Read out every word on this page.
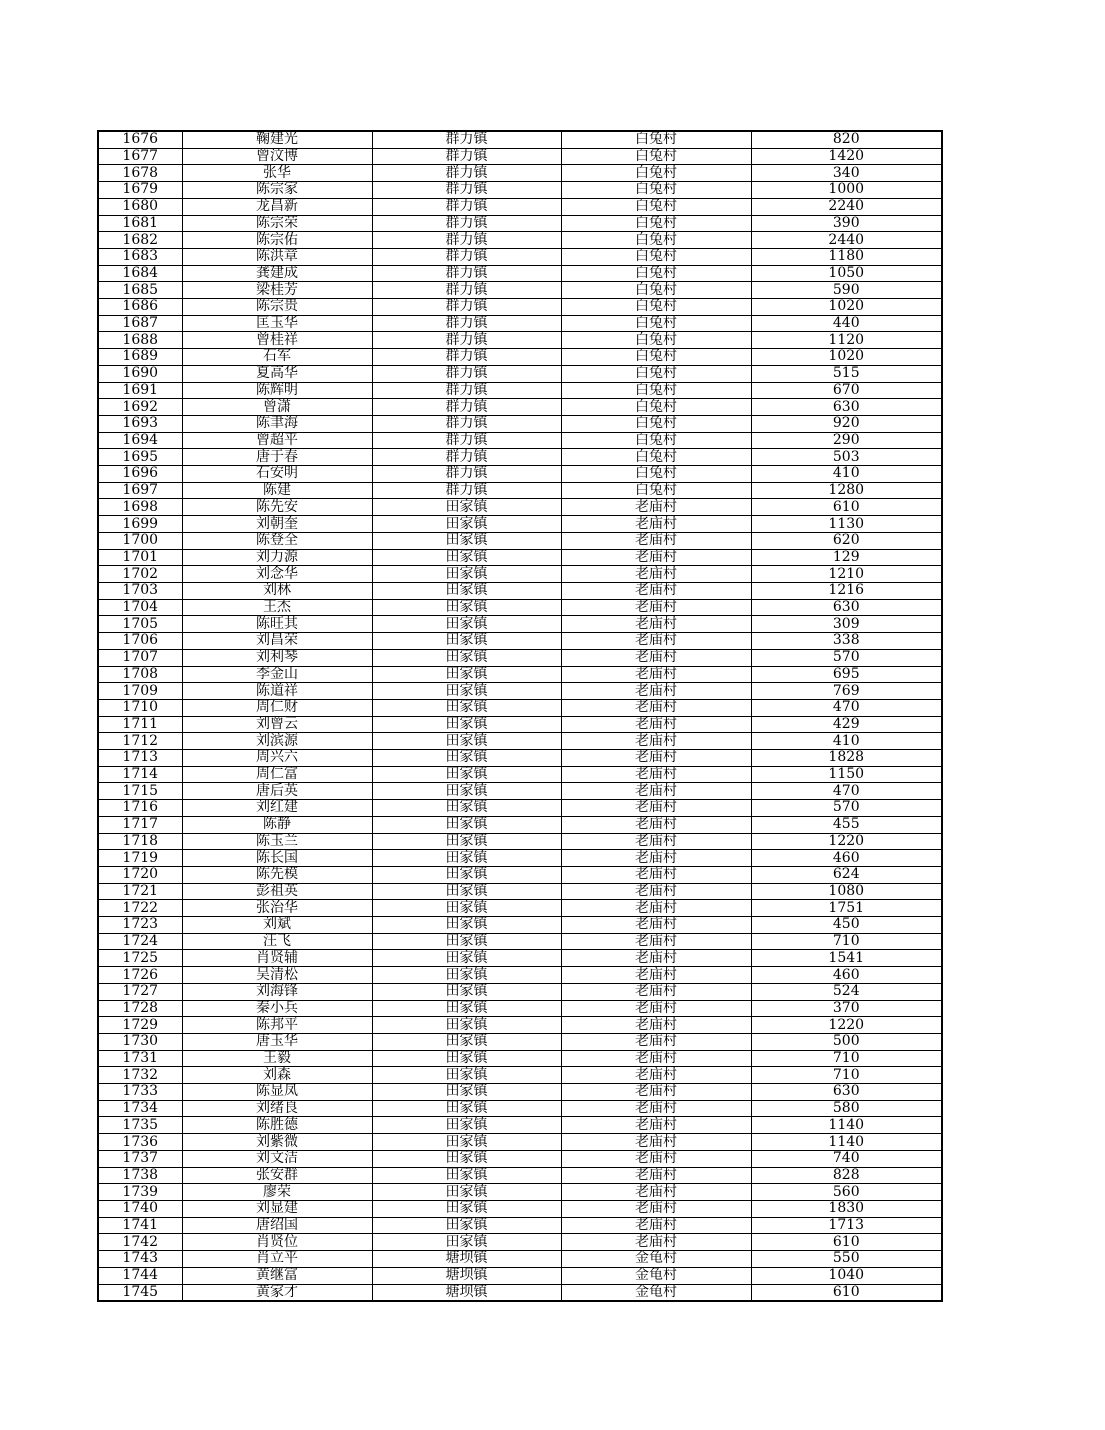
1676	鞠建光	群力镇	白兔村	820
1677	曾汶博	群力镇	白兔村	1420
1678	张华	群力镇	白兔村	340
1679	陈宗家	群力镇	白兔村	1000
1680	龙昌新	群力镇	白兔村	2240
1681	陈宗荣	群力镇	白兔村	390
1682	陈宗佑	群力镇	白兔村	2440
1683	陈洪章	群力镇	白兔村	1180
1684	龚建成	群力镇	白兔村	1050
1685	梁桂芳	群力镇	白兔村	590
1686	陈宗贵	群力镇	白兔村	1020
1687	匡玉华	群力镇	白兔村	440
1688	曾桂祥	群力镇	白兔村	1120
1689	石军	群力镇	白兔村	1020
1690	夏高华	群力镇	白兔村	515
1691	陈辉明	群力镇	白兔村	670
1692	曾潇	群力镇	白兔村	630
1693	陈聿海	群力镇	白兔村	920
1694	曾超平	群力镇	白兔村	290
1695	唐于春	群力镇	白兔村	503
1696	石安明	群力镇	白兔村	410
1697	陈建	群力镇	白兔村	1280
1698	陈先安	田家镇	老庙村	610
1699	刘朝奎	田家镇	老庙村	1130
1700	陈登全	田家镇	老庙村	620
1701	刘力源	田家镇	老庙村	129
1702	刘念华	田家镇	老庙村	1210
1703	刘林	田家镇	老庙村	1216
1704	王杰	田家镇	老庙村	630
1705	陈旺其	田家镇	老庙村	309
1706	刘昌荣	田家镇	老庙村	338
1707	刘利琴	田家镇	老庙村	570
1708	李金山	田家镇	老庙村	695
1709	陈道祥	田家镇	老庙村	769
1710	周仁财	田家镇	老庙村	470
1711	刘曾云	田家镇	老庙村	429
1712	刘滨源	田家镇	老庙村	410
1713	周兴六	田家镇	老庙村	1828
1714	周仁富	田家镇	老庙村	1150
1715	唐后英	田家镇	老庙村	470
1716	刘红建	田家镇	老庙村	570
1717	陈静	田家镇	老庙村	455
1718	陈玉兰	田家镇	老庙村	1220
1719	陈长国	田家镇	老庙村	460
1720	陈先模	田家镇	老庙村	624
1721	彭祖英	田家镇	老庙村	1080
1722	张治华	田家镇	老庙村	1751
1723	刘斌	田家镇	老庙村	450
1724	汪飞	田家镇	老庙村	710
1725	肖贤辅	田家镇	老庙村	1541
1726	吴清松	田家镇	老庙村	460
1727	刘海锋	田家镇	老庙村	524
1728	秦小兵	田家镇	老庙村	370
1729	陈邦平	田家镇	老庙村	1220
1730	唐玉华	田家镇	老庙村	500
1731	王毅	田家镇	老庙村	710
1732	刘森	田家镇	老庙村	710
1733	陈显凤	田家镇	老庙村	630
1734	刘绪良	田家镇	老庙村	580
1735	陈胜德	田家镇	老庙村	1140
1736	刘紫微	田家镇	老庙村	1140
1737	刘文洁	田家镇	老庙村	740
1738	张安群	田家镇	老庙村	828
1739	廖荣	田家镇	老庙村	560
1740	刘显建	田家镇	老庙村	1830
1741	唐绍国	田家镇	老庙村	1713
1742	肖贤位	田家镇	老庙村	610
1743	肖立平	塘坝镇	金龟村	550
1744	黄继富	塘坝镇	金龟村	1040
1745	黄家才	塘坝镇	金龟村	610
